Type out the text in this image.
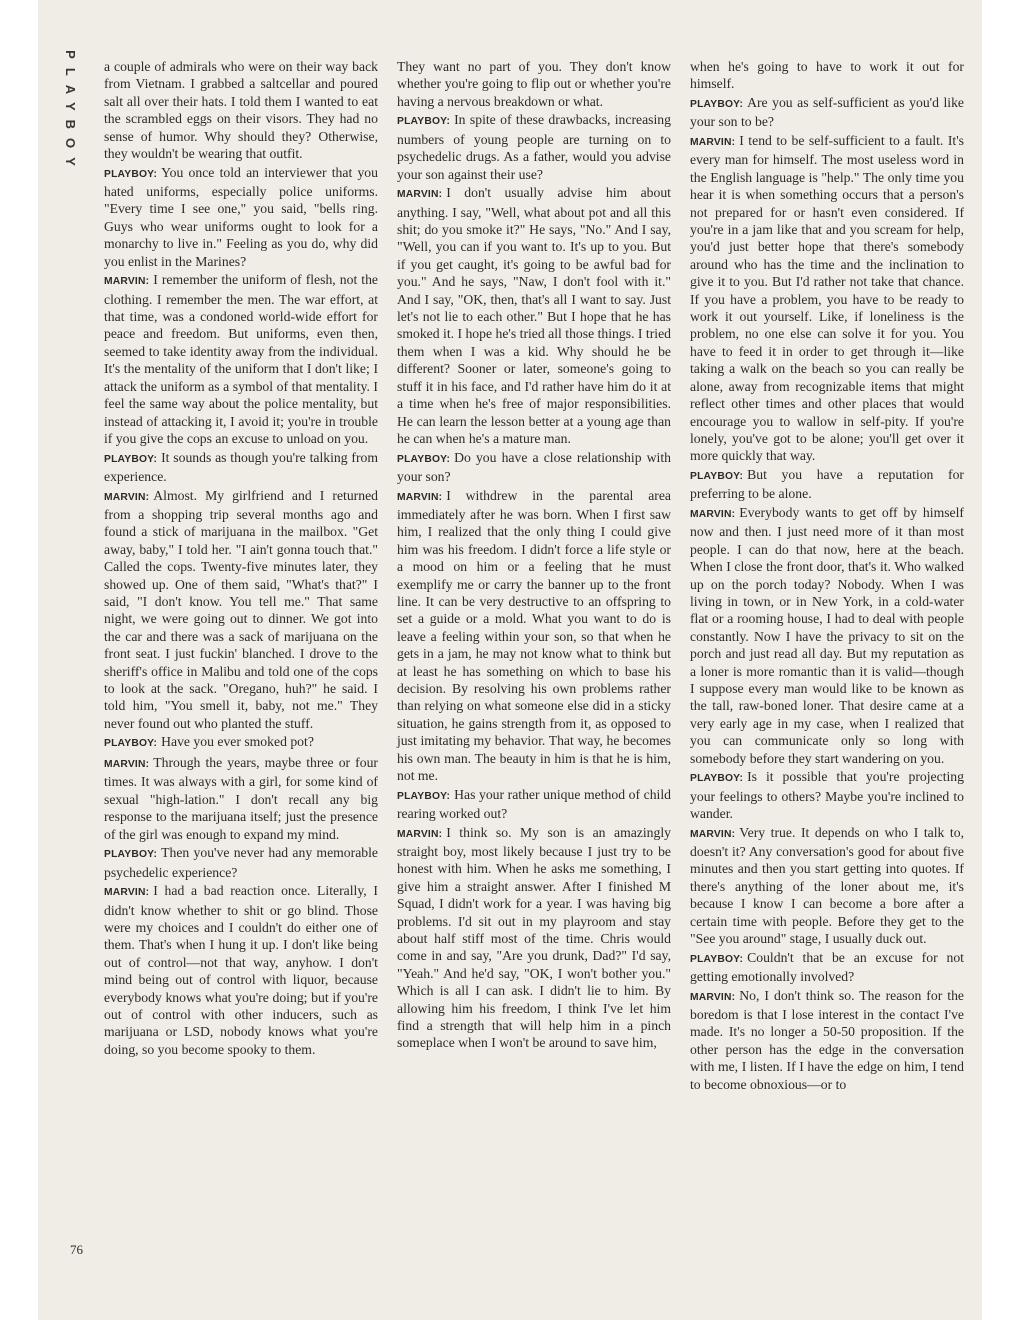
PLAYBOY
76

a couple of admirals who were on their way back from Vietnam. I grabbed a saltcellar and poured salt all over their hats. I told them I wanted to eat the scrambled eggs on their visors. They had no sense of humor. Why should they? Otherwise, they wouldn't be wearing that outfit.

PLAYBOY: You once told an interviewer that you hated uniforms, especially police uniforms. "Every time I see one," you said, "bells ring. Guys who wear uniforms ought to look for a monarchy to live in." Feeling as you do, why did you enlist in the Marines?

MARVIN: I remember the uniform of flesh, not the clothing. I remember the men. The war effort, at that time, was a condoned world-wide effort for peace and freedom. But uniforms, even then, seemed to take identity away from the individual. It's the mentality of the uniform that I don't like; I attack the uniform as a symbol of that mentality. I feel the same way about the police mentality, but instead of attacking it, I avoid it; you're in trouble if you give the cops an excuse to unload on you.

PLAYBOY: It sounds as though you're talking from experience.

MARVIN: Almost. My girlfriend and I returned from a shopping trip several months ago and found a stick of marijuana in the mailbox. "Get away, baby," I told her. "I ain't gonna touch that." Called the cops. Twenty-five minutes later, they showed up. One of them said, "What's that?" I said, "I don't know. You tell me." That same night, we were going out to dinner. We got into the car and there was a sack of marijuana on the front seat. I just fuckin' blanched. I drove to the sheriff's office in Malibu and told one of the cops to look at the sack. "Oregano, huh?" he said. I told him, "You smell it, baby, not me." They never found out who planted the stuff.

PLAYBOY: Have you ever smoked pot?

MARVIN: Through the years, maybe three or four times. It was always with a girl, for some kind of sexual "high-lation." I don't recall any big response to the marijuana itself; just the presence of the girl was enough to expand my mind.

PLAYBOY: Then you've never had any memorable psychedelic experience?

MARVIN: I had a bad reaction once. Literally, I didn't know whether to shit or go blind. Those were my choices and I couldn't do either one of them. That's when I hung it up. I don't like being out of control—not that way, anyhow. I don't mind being out of control with liquor, because everybody knows what you're doing; but if you're out of control with other inducers, such as marijuana or LSD, nobody knows what you're doing, so you become spooky to them.

They want no part of you. They don't know whether you're going to flip out or whether you're having a nervous breakdown or what.

PLAYBOY: In spite of these drawbacks, increasing numbers of young people are turning on to psychedelic drugs. As a father, would you advise your son against their use?

MARVIN: I don't usually advise him about anything. I say, "Well, what about pot and all this shit; do you smoke it?" He says, "No." And I say, "Well, you can if you want to. It's up to you. But if you get caught, it's going to be awful bad for you." And he says, "Naw, I don't fool with it." And I say, "OK, then, that's all I want to say. Just let's not lie to each other." But I hope that he has smoked it. I hope he's tried all those things. I tried them when I was a kid. Why should he be different? Sooner or later, someone's going to stuff it in his face, and I'd rather have him do it at a time when he's free of major responsibilities. He can learn the lesson better at a young age than he can when he's a mature man.

PLAYBOY: Do you have a close relationship with your son?

MARVIN: I withdrew in the parental area immediately after he was born. When I first saw him, I realized that the only thing I could give him was his freedom. I didn't force a life style or a mood on him or a feeling that he must exemplify me or carry the banner up to the front line. It can be very destructive to an offspring to set a guide or a mold. What you want to do is leave a feeling within your son, so that when he gets in a jam, he may not know what to think but at least he has something on which to base his decision. By resolving his own problems rather than relying on what someone else did in a sticky situation, he gains strength from it, as opposed to just imitating my behavior. That way, he becomes his own man. The beauty in him is that he is him, not me.

PLAYBOY: Has your rather unique method of child rearing worked out?

MARVIN: I think so. My son is an amazingly straight boy, most likely because I just try to be honest with him. When he asks me something, I give him a straight answer. After I finished M Squad, I didn't work for a year. I was having big problems. I'd sit out in my playroom and stay about half stiff most of the time. Chris would come in and say, "Are you drunk, Dad?" I'd say, "Yeah." And he'd say, "OK, I won't bother you." Which is all I can ask. I didn't lie to him. By allowing him his freedom, I think I've let him find a strength that will help him in a pinch someplace when I won't be around to save him,

when he's going to have to work it out for himself.

PLAYBOY: Are you as self-sufficient as you'd like your son to be?

MARVIN: I tend to be self-sufficient to a fault. It's every man for himself. The most useless word in the English language is "help." The only time you hear it is when something occurs that a person's not prepared for or hasn't even considered. If you're in a jam like that and you scream for help, you'd just better hope that there's somebody around who has the time and the inclination to give it to you. But I'd rather not take that chance. If you have a problem, you have to be ready to work it out yourself. Like, if loneliness is the problem, no one else can solve it for you. You have to feed it in order to get through it—like taking a walk on the beach so you can really be alone, away from recognizable items that might reflect other times and other places that would encourage you to wallow in self-pity. If you're lonely, you've got to be alone; you'll get over it more quickly that way.

PLAYBOY: But you have a reputation for preferring to be alone.

MARVIN: Everybody wants to get off by himself now and then. I just need more of it than most people. I can do that now, here at the beach. When I close the front door, that's it. Who walked up on the porch today? Nobody. When I was living in town, or in New York, in a cold-water flat or a rooming house, I had to deal with people constantly. Now I have the privacy to sit on the porch and just read all day. But my reputation as a loner is more romantic than it is valid—though I suppose every man would like to be known as the tall, raw-boned loner. That desire came at a very early age in my case, when I realized that you can communicate only so long with somebody before they start wandering on you.

PLAYBOY: Is it possible that you're projecting your feelings to others? Maybe you're inclined to wander.

MARVIN: Very true. It depends on who I talk to, doesn't it? Any conversation's good for about five minutes and then you start getting into quotes. If there's anything of the loner about me, it's because I know I can become a bore after a certain time with people. Before they get to the "See you around" stage, I usually duck out.

PLAYBOY: Couldn't that be an excuse for not getting emotionally involved?

MARVIN: No, I don't think so. The reason for the boredom is that I lose interest in the contact I've made. It's no longer a 50-50 proposition. If the other person has the edge in the conversation with me, I listen. If I have the edge on him, I tend to become obnoxious—or to
